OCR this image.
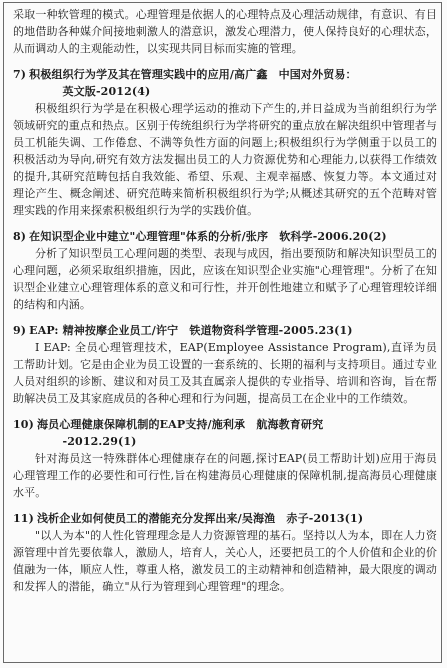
采取一种软管理的模式。心理管理是依据人的心理特点及心理活动规律，有意识、有目的地借助各种媒介间接地刺激人的潜意识，激发心理潜力，使人保持良好的心理状态，从而调动人的主观能动性，以实现共同目标而实施的管理。

7) 积极组织行为学及其在管理实践中的应用/高广鑫　中国对外贸易：
英文版-2012(4)

积极组织行为学是在积极心理学运动的推动下产生的,并日益成为当前组织行为学领域研究的重点和热点。区别于传统组织行为学将研究的重点放在解决组织中管理者与员工机能失调、工作倦怠、不满等负性方面的问题上;积极组织行为学侧重于以员工的积极活动为导向,研究有效方法发掘出员工的人力资源优势和心理能力,以获得工作绩效的提升,其研究范畴包括自我效能、希望、乐观、主观幸福感、恢复力等。本文通过对理论产生、概念阐述、研究范畴来简析积极组织行为学;从概述其研究的五个范畴对管理实践的作用来探索积极组织行为学的实践价值。

8) 在知识型企业中建立"心理管理"体系的分析/张序　软科学-2006.20(2)

分析了知识型员工心理问题的类型、表现与成因，指出要预防和解决知识型员工的心理问题，必须采取组织措施，因此，应该在知识型企业实施"心理管理"。分析了在知识型企业建立心理管理体系的意义和可行性，并开创性地建立和赋予了心理管理较详细的结构和内涵。

9) EAP: 精神按摩企业员工/许宁　铁道物资科学管理-2005.23(1)

I EAP: 全员心理管理技术，EAP(Employee Assistance Program),直译为员工帮助计划。它是由企业为员工设置的一套系统的、长期的福利与支持项目。通过专业人员对组织的诊断、建议和对员工及其直属亲人提供的专业指导、培训和咨询，旨在帮助解决员工及其家庭成员的各种心理和行为问题，提高员工在企业中的工作绩效。

10) 海员心理健康保障机制的EAP支持/施利承　航海教育研究
-2012.29(1)

针对海员这一特殊群体心理健康存在的问题,探讨EAP(员工帮助计划)应用于海员心理管理工作的必要性和可行性,旨在构建海员心理健康的保障机制,提高海员心理健康水平。

11) 浅析企业如何使员工的潜能充分发挥出来/吴海渔　赤子-2013(1)

"以人为本"的人性化管理理念是人力资源管理的基石。坚持以人为本，即在人力资源管理中首先要依靠人，激励人，培育人，关心人，还要把员工的个人价值和企业的价值融为一体，顺应人性，尊重人格，激发员工的主动精神和创造精神，最大限度的调动和发挥人的潜能，确立"从行为管理到心理管理"的理念。
